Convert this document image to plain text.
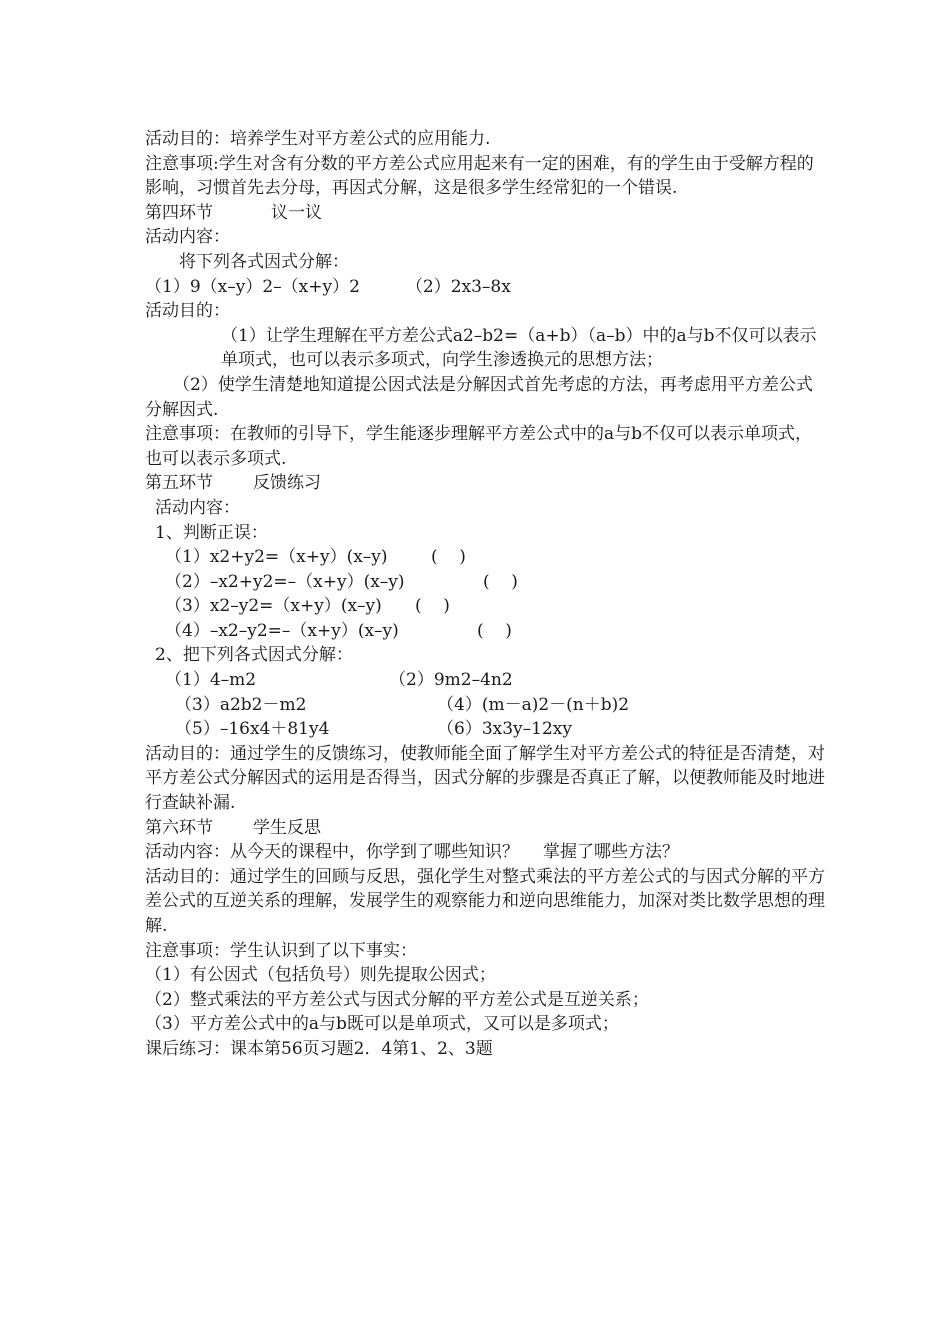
活动目的：培养学生对平方差公式的应用能力.
注意事项:学生对含有分数的平方差公式应用起来有一定的困难，有的学生由于受解方程的影响，习惯首先去分母，再因式分解，这是很多学生经常犯的一个错误.
第四环节	议一议
活动内容：
将下列各式因式分解：
（1）9（x–y）2–（x+y）2	（2）2x3–8x
活动目的：
（1）让学生理解在平方差公式a2–b2=（a+b）（a–b）中的a与b不仅可以表示单项式，也可以表示多项式，向学生渗透换元的思想方法；
（2）使学生清楚地知道提公因式法是分解因式首先考虑的方法，再考虑用平方差公式分解因式.
注意事项：在教师的引导下，学生能逐步理解平方差公式中的a与b不仅可以表示单项式，也可以表示多项式.
第五环节 反馈练习
活动内容：
1、判断正误：
（1）x2+y2=（x+y）(x–y)	(    )
（2）–x2+y2=–（x+y）(x–y)	(    )
（3）x2–y2=（x+y）(x–y) (    )
（4）–x2–y2=–（x+y）(x–y)	(    )
2、把下列各式因式分解：
（1）4–m2	（2）9m2–4n2
（3）a2b2－m2	（4）(m－a)2－(n＋b)2
（5）–16x4＋81y4	（6）3x3y–12xy
活动目的：通过学生的反馈练习，使教师能全面了解学生对平方差公式的特征是否清楚，对平方差公式分解因式的运用是否得当，因式分解的步骤是否真正了解，以便教师能及时地进行查缺补漏.
第六环节 学生反思
活动内容：从今天的课程中，你学到了哪些知识？ 掌握了哪些方法？
活动目的：通过学生的回顾与反思，强化学生对整式乘法的平方差公式的与因式分解的平方差公式的互逆关系的理解，发展学生的观察能力和逆向思维能力，加深对类比数学思想的理解.
注意事项：学生认识到了以下事实：
（1）有公因式（包括负号）则先提取公因式；
（2）整式乘法的平方差公式与因式分解的平方差公式是互逆关系；
（3）平方差公式中的a与b既可以是单项式，又可以是多项式；
课后练习：课本第56页习题2．4第1、2、3题
